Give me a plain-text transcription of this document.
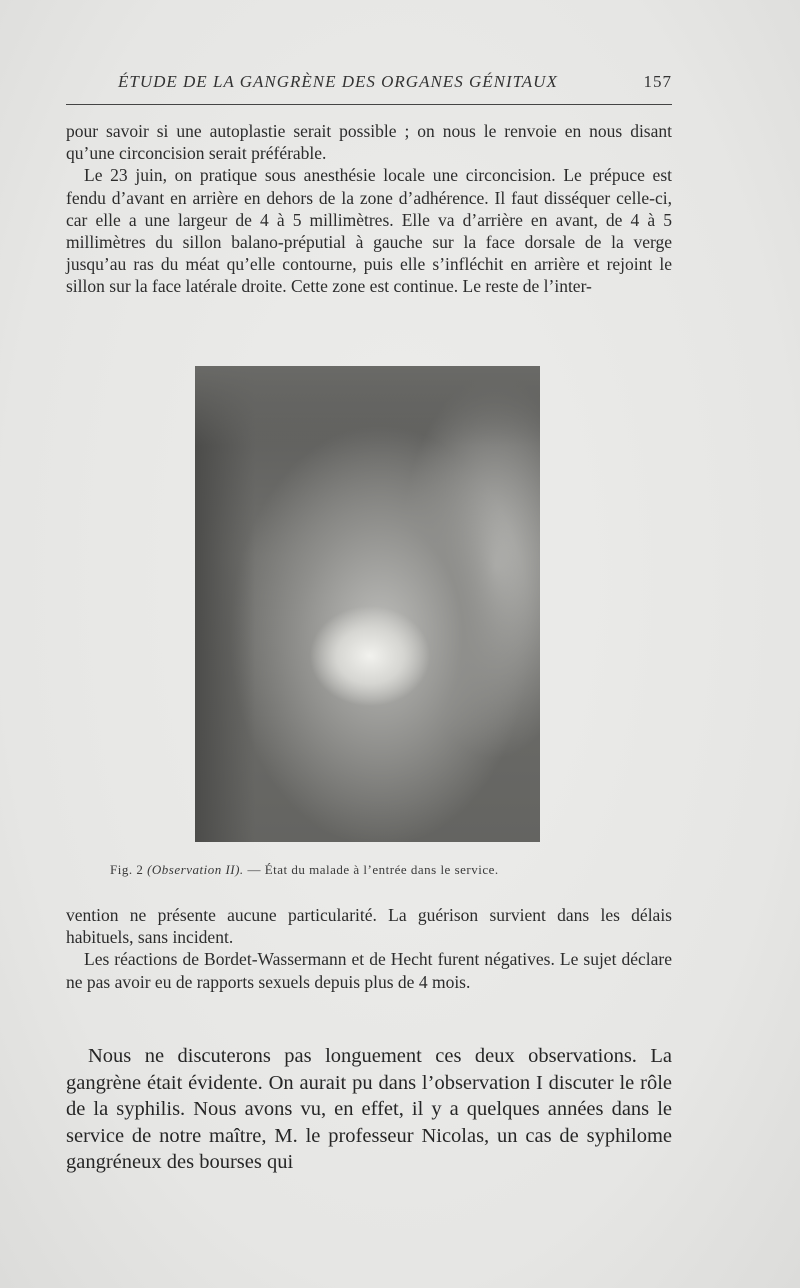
ÉTUDE DE LA GANGRÈNE DES ORGANES GÉNITAUX	157

pour savoir si une autoplastie serait possible ; on nous le renvoie en nous disant qu’une circoncision serait préférable.

Le 23 juin, on pratique sous anesthésie locale une circoncision. Le prépuce est fendu d’avant en arrière en dehors de la zone d’adhérence. Il faut disséquer celle-ci, car elle a une largeur de 4 à 5 millimètres. Elle va d’arrière en avant, de 4 à 5 millimètres du sillon balano-préputial à gauche sur la face dorsale de la verge jusqu’au ras du méat qu’elle contourne, puis elle s’infléchit en arrière et rejoint le sillon sur la face latérale droite. Cette zone est continue. Le reste de l’inter-

Fig. 2 (Observation II). — État du malade à l’entrée dans le service.

vention ne présente aucune particularité. La guérison survient dans les délais habituels, sans incident.

Les réactions de Bordet-Wassermann et de Hecht furent négatives. Le sujet déclare ne pas avoir eu de rapports sexuels depuis plus de 4 mois.

Nous ne discuterons pas longuement ces deux observations. La gangrène était évidente. On aurait pu dans l’observation I discuter le rôle de la syphilis. Nous avons vu, en effet, il y a quelques années dans le service de notre maître, M. le professeur Nicolas, un cas de syphilome gangréneux des bourses qui
